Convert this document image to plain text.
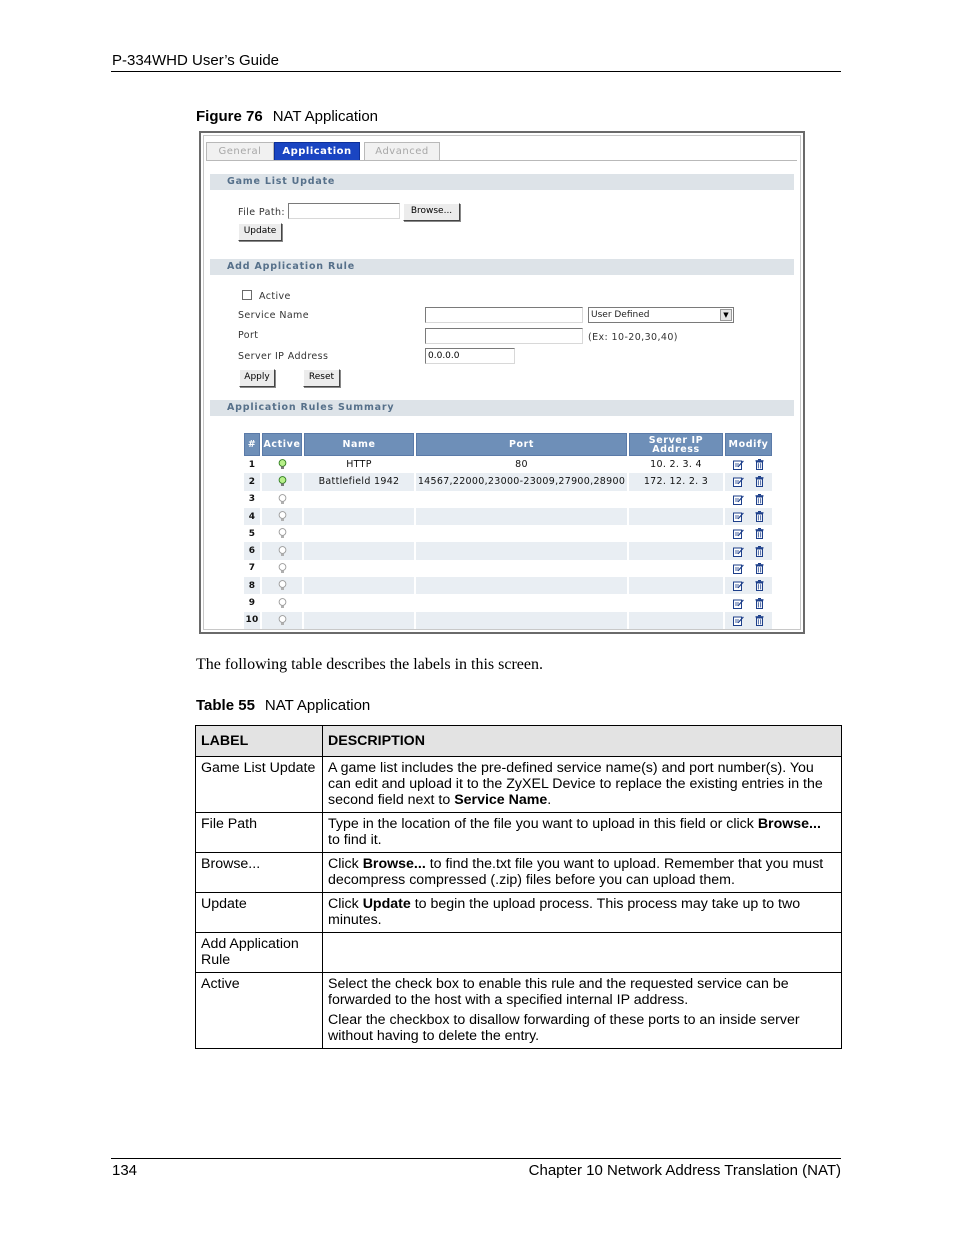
P-334WHD User’s Guide
Figure 76 NAT Application
General	Application	Advanced
Game List Update
File Path:	Browse...
Update
Add Application Rule
Active
Service Name	User Defined	▼
Port	(Ex: 10-20,30,40)
Server IP Address	0.0.0.0
Apply	Reset
Application Rules Summary
#	Active	Name	Port	Server IP Address	Modify
1		HTTP	80	10. 2. 3. 4	
2		Battlefield 1942	14567,22000,23000-23009,27900,28900	172. 12. 2. 3	
3					
4					
5					
6					
7					
8					
9					
10					
The following table describes the labels in this screen.
Table 55 NAT Application
LABEL	DESCRIPTION
Game List Update	A game list includes the pre-defined service name(s) and port number(s). You can edit and upload it to the ZyXEL Device to replace the existing entries in the second field next to Service Name.

File Path	Type in the location of the file you want to upload in this field or click Browse... to find it.

Browse...	Click Browse... to find the.txt file you want to upload. Remember that you must decompress compressed (.zip) files before you can upload them.

Update	Click Update to begin the upload process. This process may take up to two minutes.

Add Application Rule	
Active	Select the check box to enable this rule and the requested service can be forwarded to the host with a specified internal IP address.

Clear the checkbox to disallow forwarding of these ports to an inside server without having to delete the entry.

134	Chapter 10 Network Address Translation (NAT)
